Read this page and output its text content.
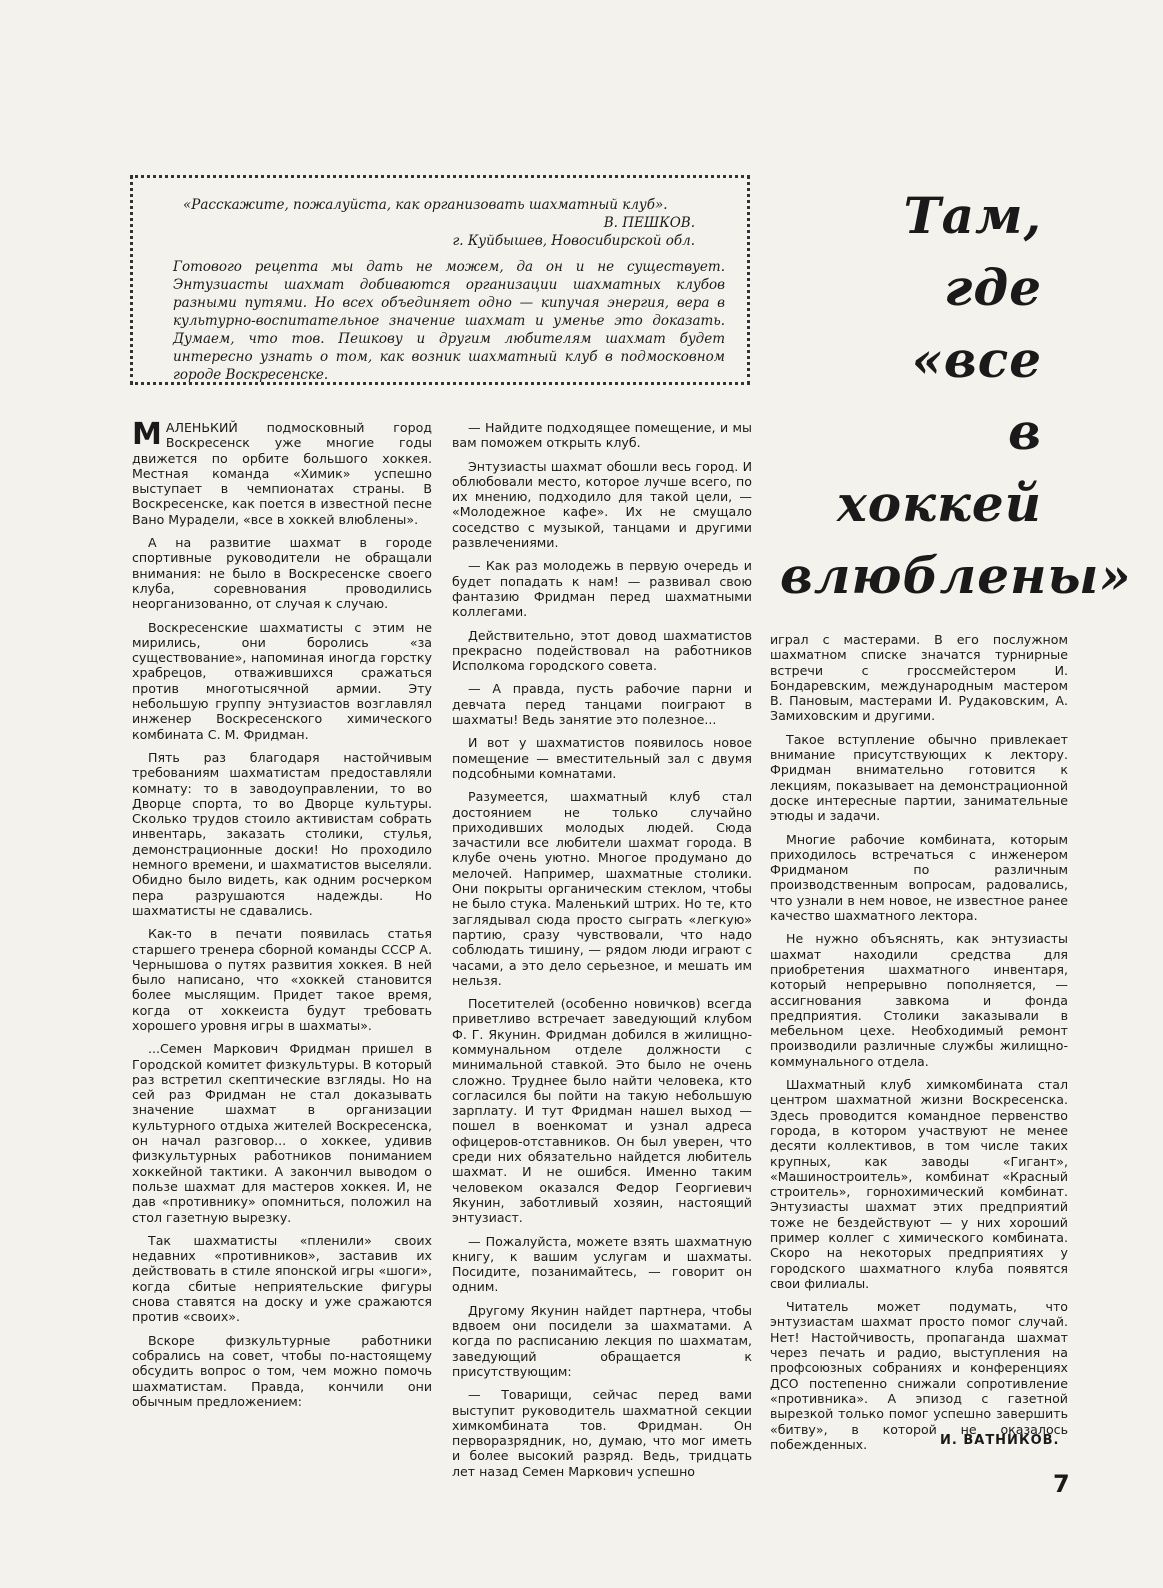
«Расскажите, пожалуйста, как организовать шахматный клуб».

В. ПЕШКОВ.

г. Куйбышев, Новосибирской обл.

Готового рецепта мы дать не можем, да он и не существует. Энтузиасты шахмат добиваются организации шахматных клубов разными путями. Но всех объединяет одно — кипучая энергия, вера в культурно-воспитательное значение шахмат и уменье это доказать. Думаем, что тов. Пешкову и другим любителям шахмат будет интересно узнать о том, как возник шахматный клуб в подмосковном городе Воскресенске.

Там,
где
«все
в
хоккей
влюблены»

МАЛЕНЬКИЙ подмосковный город Воскресенск уже многие годы движется по орбите большого хоккея. Местная команда «Химик» успешно выступает в чемпионатах страны. В Воскресенске, как поется в известной песне Вано Мурадели, «все в хоккей влюблены».

А на развитие шахмат в городе спортивные руководители не обращали внимания: не было в Воскресенске своего клуба, соревнования проводились неорганизованно, от случая к случаю.

Воскресенские шахматисты с этим не мирились, они боролись «за существование», напоминая иногда горстку храбрецов, отважившихся сражаться против многотысячной армии. Эту небольшую группу энтузиастов возглавлял инженер Воскресенского химического комбината С. М. Фридман.

Пять раз благодаря настойчивым требованиям шахматистам предоставляли комнату: то в заводоуправлении, то во Дворце спорта, то во Дворце культуры. Сколько трудов стоило активистам собрать инвентарь, заказать столики, стулья, демонстрационные доски! Но проходило немного времени, и шахматистов выселяли. Обидно было видеть, как одним росчерком пера разрушаются надежды. Но шахматисты не сдавались.

Как-то в печати появилась статья старшего тренера сборной команды СССР А. Чернышова о путях развития хоккея. В ней было написано, что «хоккей становится более мыслящим. Придет такое время, когда от хоккеиста будут требовать хорошего уровня игры в шахматы».

...Семен Маркович Фридман пришел в Городской комитет физкультуры. В который раз встретил скептические взгляды. Но на сей раз Фридман не стал доказывать значение шахмат в организации культурного отдыха жителей Воскресенска, он начал разговор... о хоккее, удивив физкультурных работников пониманием хоккейной тактики. А закончил выводом о пользе шахмат для мастеров хоккея. И, не дав «противнику» опомниться, положил на стол газетную вырезку.

Так шахматисты «пленили» своих недавних «противников», заставив их действовать в стиле японской игры «шоги», когда сбитые неприятельские фигуры снова ставятся на доску и уже сражаются против «своих».

Вскоре физкультурные работники собрались на совет, чтобы по-настоящему обсудить вопрос о том, чем можно помочь шахматистам. Правда, кончили они обычным предложением:

— Найдите подходящее помещение, и мы вам поможем открыть клуб.

Энтузиасты шахмат обошли весь город. И облюбовали место, которое лучше всего, по их мнению, подходило для такой цели, — «Молодежное кафе». Их не смущало соседство с музыкой, танцами и другими развлечениями.

— Как раз молодежь в первую очередь и будет попадать к нам! — развивал свою фантазию Фридман перед шахматными коллегами.

Действительно, этот довод шахматистов прекрасно подействовал на работников Исполкома городского совета.

— А правда, пусть рабочие парни и девчата перед танцами поиграют в шахматы! Ведь занятие это полезное...

И вот у шахматистов появилось новое помещение — вместительный зал с двумя подсобными комнатами.

Разумеется, шахматный клуб стал достоянием не только случайно приходивших молодых людей. Сюда зачастили все любители шахмат города. В клубе очень уютно. Многое продумано до мелочей. Например, шахматные столики. Они покрыты органическим стеклом, чтобы не было стука. Маленький штрих. Но те, кто заглядывал сюда просто сыграть «легкую» партию, сразу чувствовали, что надо соблюдать тишину, — рядом люди играют с часами, а это дело серьезное, и мешать им нельзя.

Посетителей (особенно новичков) всегда приветливо встречает заведующий клубом Ф. Г. Якунин. Фридман добился в жилищно-коммунальном отделе должности с минимальной ставкой. Это было не очень сложно. Труднее было найти человека, кто согласился бы пойти на такую небольшую зарплату. И тут Фридман нашел выход — пошел в военкомат и узнал адреса офицеров-отставников. Он был уверен, что среди них обязательно найдется любитель шахмат. И не ошибся. Именно таким человеком оказался Федор Георгиевич Якунин, заботливый хозяин, настоящий энтузиаст.

— Пожалуйста, можете взять шахматную книгу, к вашим услугам и шахматы. Посидите, позанимайтесь, — говорит он одним.

Другому Якунин найдет партнера, чтобы вдвоем они посидели за шахматами. А когда по расписанию лекция по шахматам, заведующий обращается к присутствующим:

— Товарищи, сейчас перед вами выступит руководитель шахматной секции химкомбината тов. Фридман. Он перворазрядник, но, думаю, что мог иметь и более высокий разряд. Ведь, тридцать лет назад Семен Маркович успешно

играл с мастерами. В его послужном шахматном списке значатся турнирные встречи с гроссмейстером И. Бондаревским, международным мастером В. Пановым, мастерами И. Рудаковским, А. Замиховским и другими.

Такое вступление обычно привлекает внимание присутствующих к лектору. Фридман внимательно готовится к лекциям, показывает на демонстрационной доске интересные партии, занимательные этюды и задачи.

Многие рабочие комбината, которым приходилось встречаться с инженером Фридманом по различным производственным вопросам, радовались, что узнали в нем новое, не известное ранее качество шахматного лектора.

Не нужно объяснять, как энтузиасты шахмат находили средства для приобретения шахматного инвентаря, который непрерывно пополняется, — ассигнования завкома и фонда предприятия. Столики заказывали в мебельном цехе. Необходимый ремонт производили различные службы жилищно-коммунального отдела.

Шахматный клуб химкомбината стал центром шахматной жизни Воскресенска. Здесь проводится командное первенство города, в котором участвуют не менее десяти коллективов, в том числе таких крупных, как заводы «Гигант», «Машиностроитель», комбинат «Красный строитель», горнохимический комбинат. Энтузиасты шахмат этих предприятий тоже не бездействуют — у них хороший пример коллег с химического комбината. Скоро на некоторых предприятиях у городского шахматного клуба появятся свои филиалы.

Читатель может подумать, что энтузиастам шахмат просто помог случай. Нет! Настойчивость, пропаганда шахмат через печать и радио, выступления на профсоюзных собраниях и конференциях ДСО постепенно снижали сопротивление «противника». А эпизод с газетной вырезкой только помог успешно завершить «битву», в которой не оказалось побежденных.	И. ВАТНИКОВ.
7
